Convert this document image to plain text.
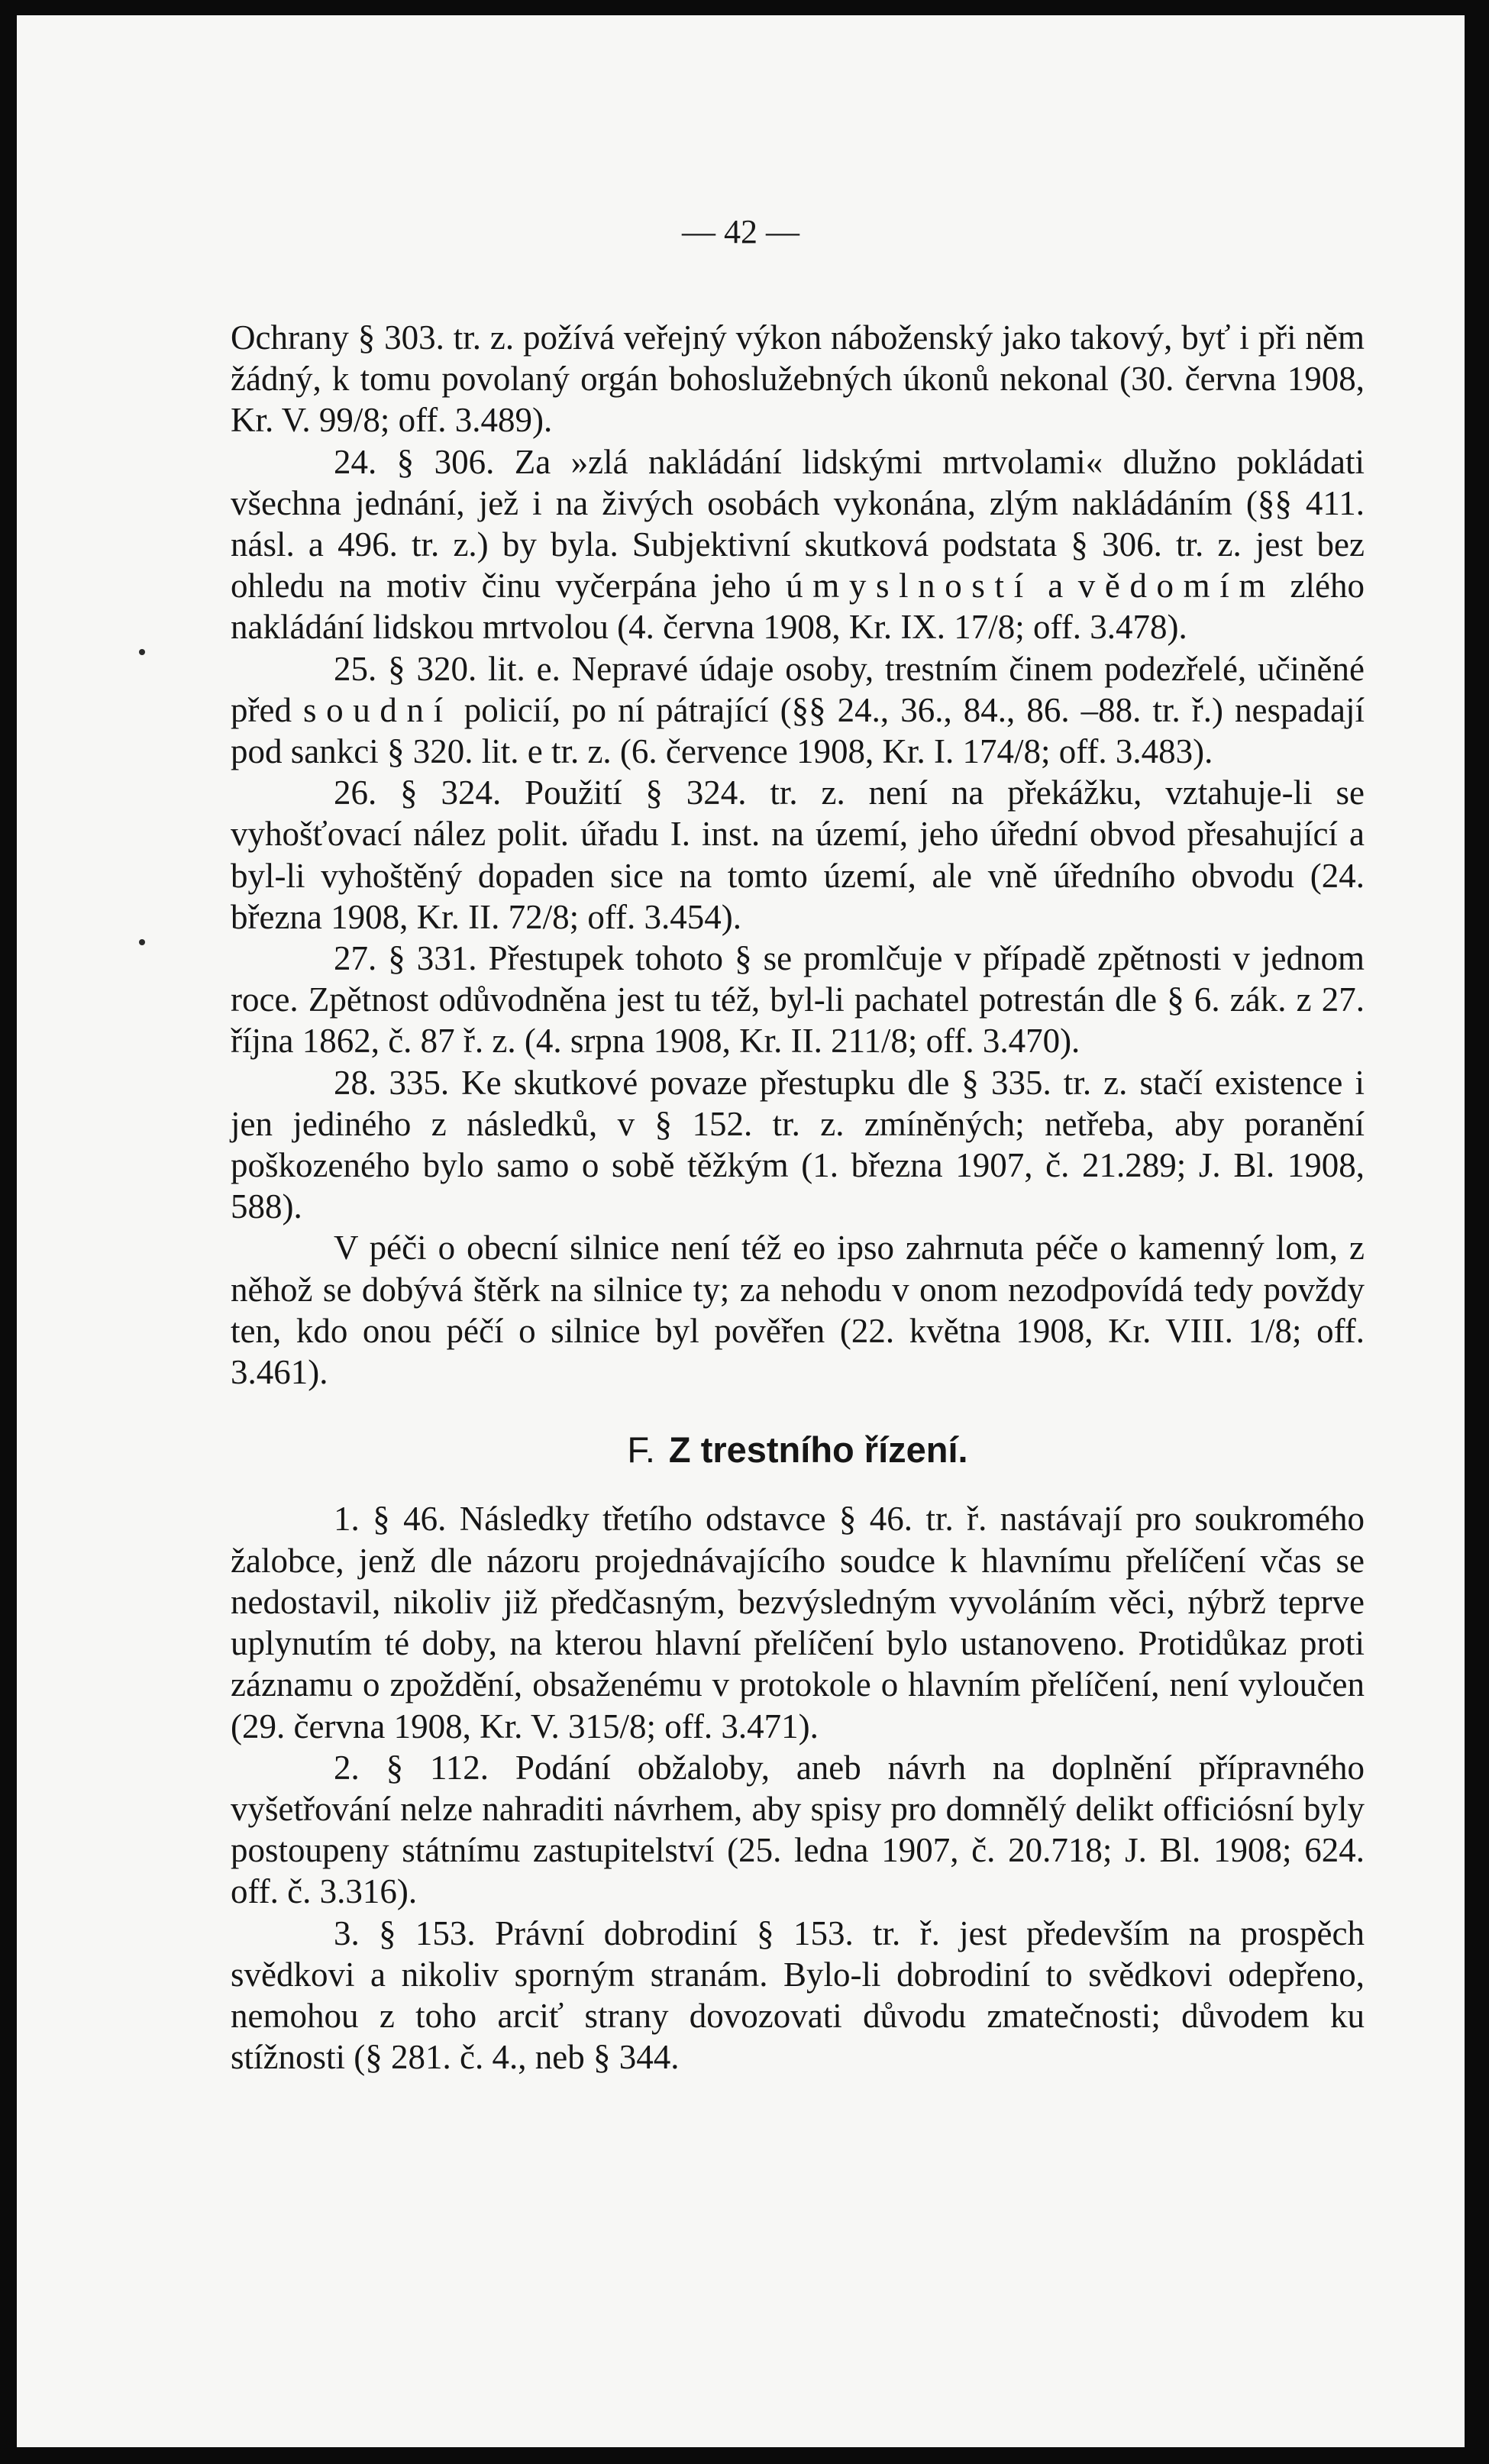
— 42 —

Ochrany § 303. tr. z. požívá veřejný výkon náboženský jako takový, byť i při něm žádný, k tomu povolaný orgán bohoslužebných úkonů nekonal (30. června 1908, Kr. V. 99/8; off. 3.489).

24. § 306. Za »zlá nakládání lidskými mrtvolami« dlužno pokládati všechna jednání, jež i na živých osobách vykonána, zlým nakládáním (§§ 411. násl. a 496. tr. z.) by byla. Subjektivní skutková podstata § 306. tr. z. jest bez ohledu na motiv činu vyčerpána jeho úmyslností a vědomím zlého nakládání lidskou mrtvolou (4. června 1908, Kr. IX. 17/8; off. 3.478).

25. § 320. lit. e. Nepravé údaje osoby, trestním činem podezřelé, učiněné před soudní policií, po ní pátrající (§§ 24., 36., 84., 86. –88. tr. ř.) nespadají pod sankci § 320. lit. e tr. z. (6. července 1908, Kr. I. 174/8; off. 3.483).

26. § 324. Použití § 324. tr. z. není na překážku, vztahuje-li se vyhošťovací nález polit. úřadu I. inst. na území, jeho úřední obvod přesahující a byl-li vyhoštěný dopaden sice na tomto území, ale vně úředního obvodu (24. března 1908, Kr. II. 72/8; off. 3.454).

27. § 331. Přestupek tohoto § se promlčuje v případě zpětnosti v jednom roce. Zpětnost odůvodněna jest tu též, byl-li pachatel potrestán dle § 6. zák. z 27. října 1862, č. 87 ř. z. (4. srpna 1908, Kr. II. 211/8; off. 3.470).

28. 335. Ke skutkové povaze přestupku dle § 335. tr. z. stačí existence i jen jediného z následků, v § 152. tr. z. zmíněných; netřeba, aby poranění poškozeného bylo samo o sobě těžkým (1. března 1907, č. 21.289; J. Bl. 1908, 588).

V péči o obecní silnice není též eo ipso zahrnuta péče o kamenný lom, z něhož se dobývá štěrk na silnice ty; za nehodu v onom nezodpovídá tedy povždy ten, kdo onou péčí o silnice byl pověřen (22. května 1908, Kr. VIII. 1/8; off. 3.461).

F. Z trestního řízení.

1. § 46. Následky třetího odstavce § 46. tr. ř. nastávají pro soukromého žalobce, jenž dle názoru projednávajícího soudce k hlavnímu přelíčení včas se nedostavil, nikoliv již předčasným, bezvýsledným vyvoláním věci, nýbrž teprve uplynutím té doby, na kterou hlavní přelíčení bylo ustanoveno. Protidůkaz proti záznamu o zpoždění, obsaženému v protokole o hlavním přelíčení, není vyloučen (29. června 1908, Kr. V. 315/8; off. 3.471).

2. § 112. Podání obžaloby, aneb návrh na doplnění přípravného vyšetřování nelze nahraditi návrhem, aby spisy pro domnělý delikt officiósní byly postoupeny státnímu zastupitelství (25. ledna 1907, č. 20.718; J. Bl. 1908; 624. off. č. 3.316).

3. § 153. Právní dobrodiní § 153. tr. ř. jest především na prospěch svědkovi a nikoliv sporným stranám. Bylo-li dobrodiní to svědkovi odepřeno, nemohou z toho arciť strany dovozovati důvodu zmatečnosti; důvodem ku stížnosti (§ 281. č. 4., neb § 344.
